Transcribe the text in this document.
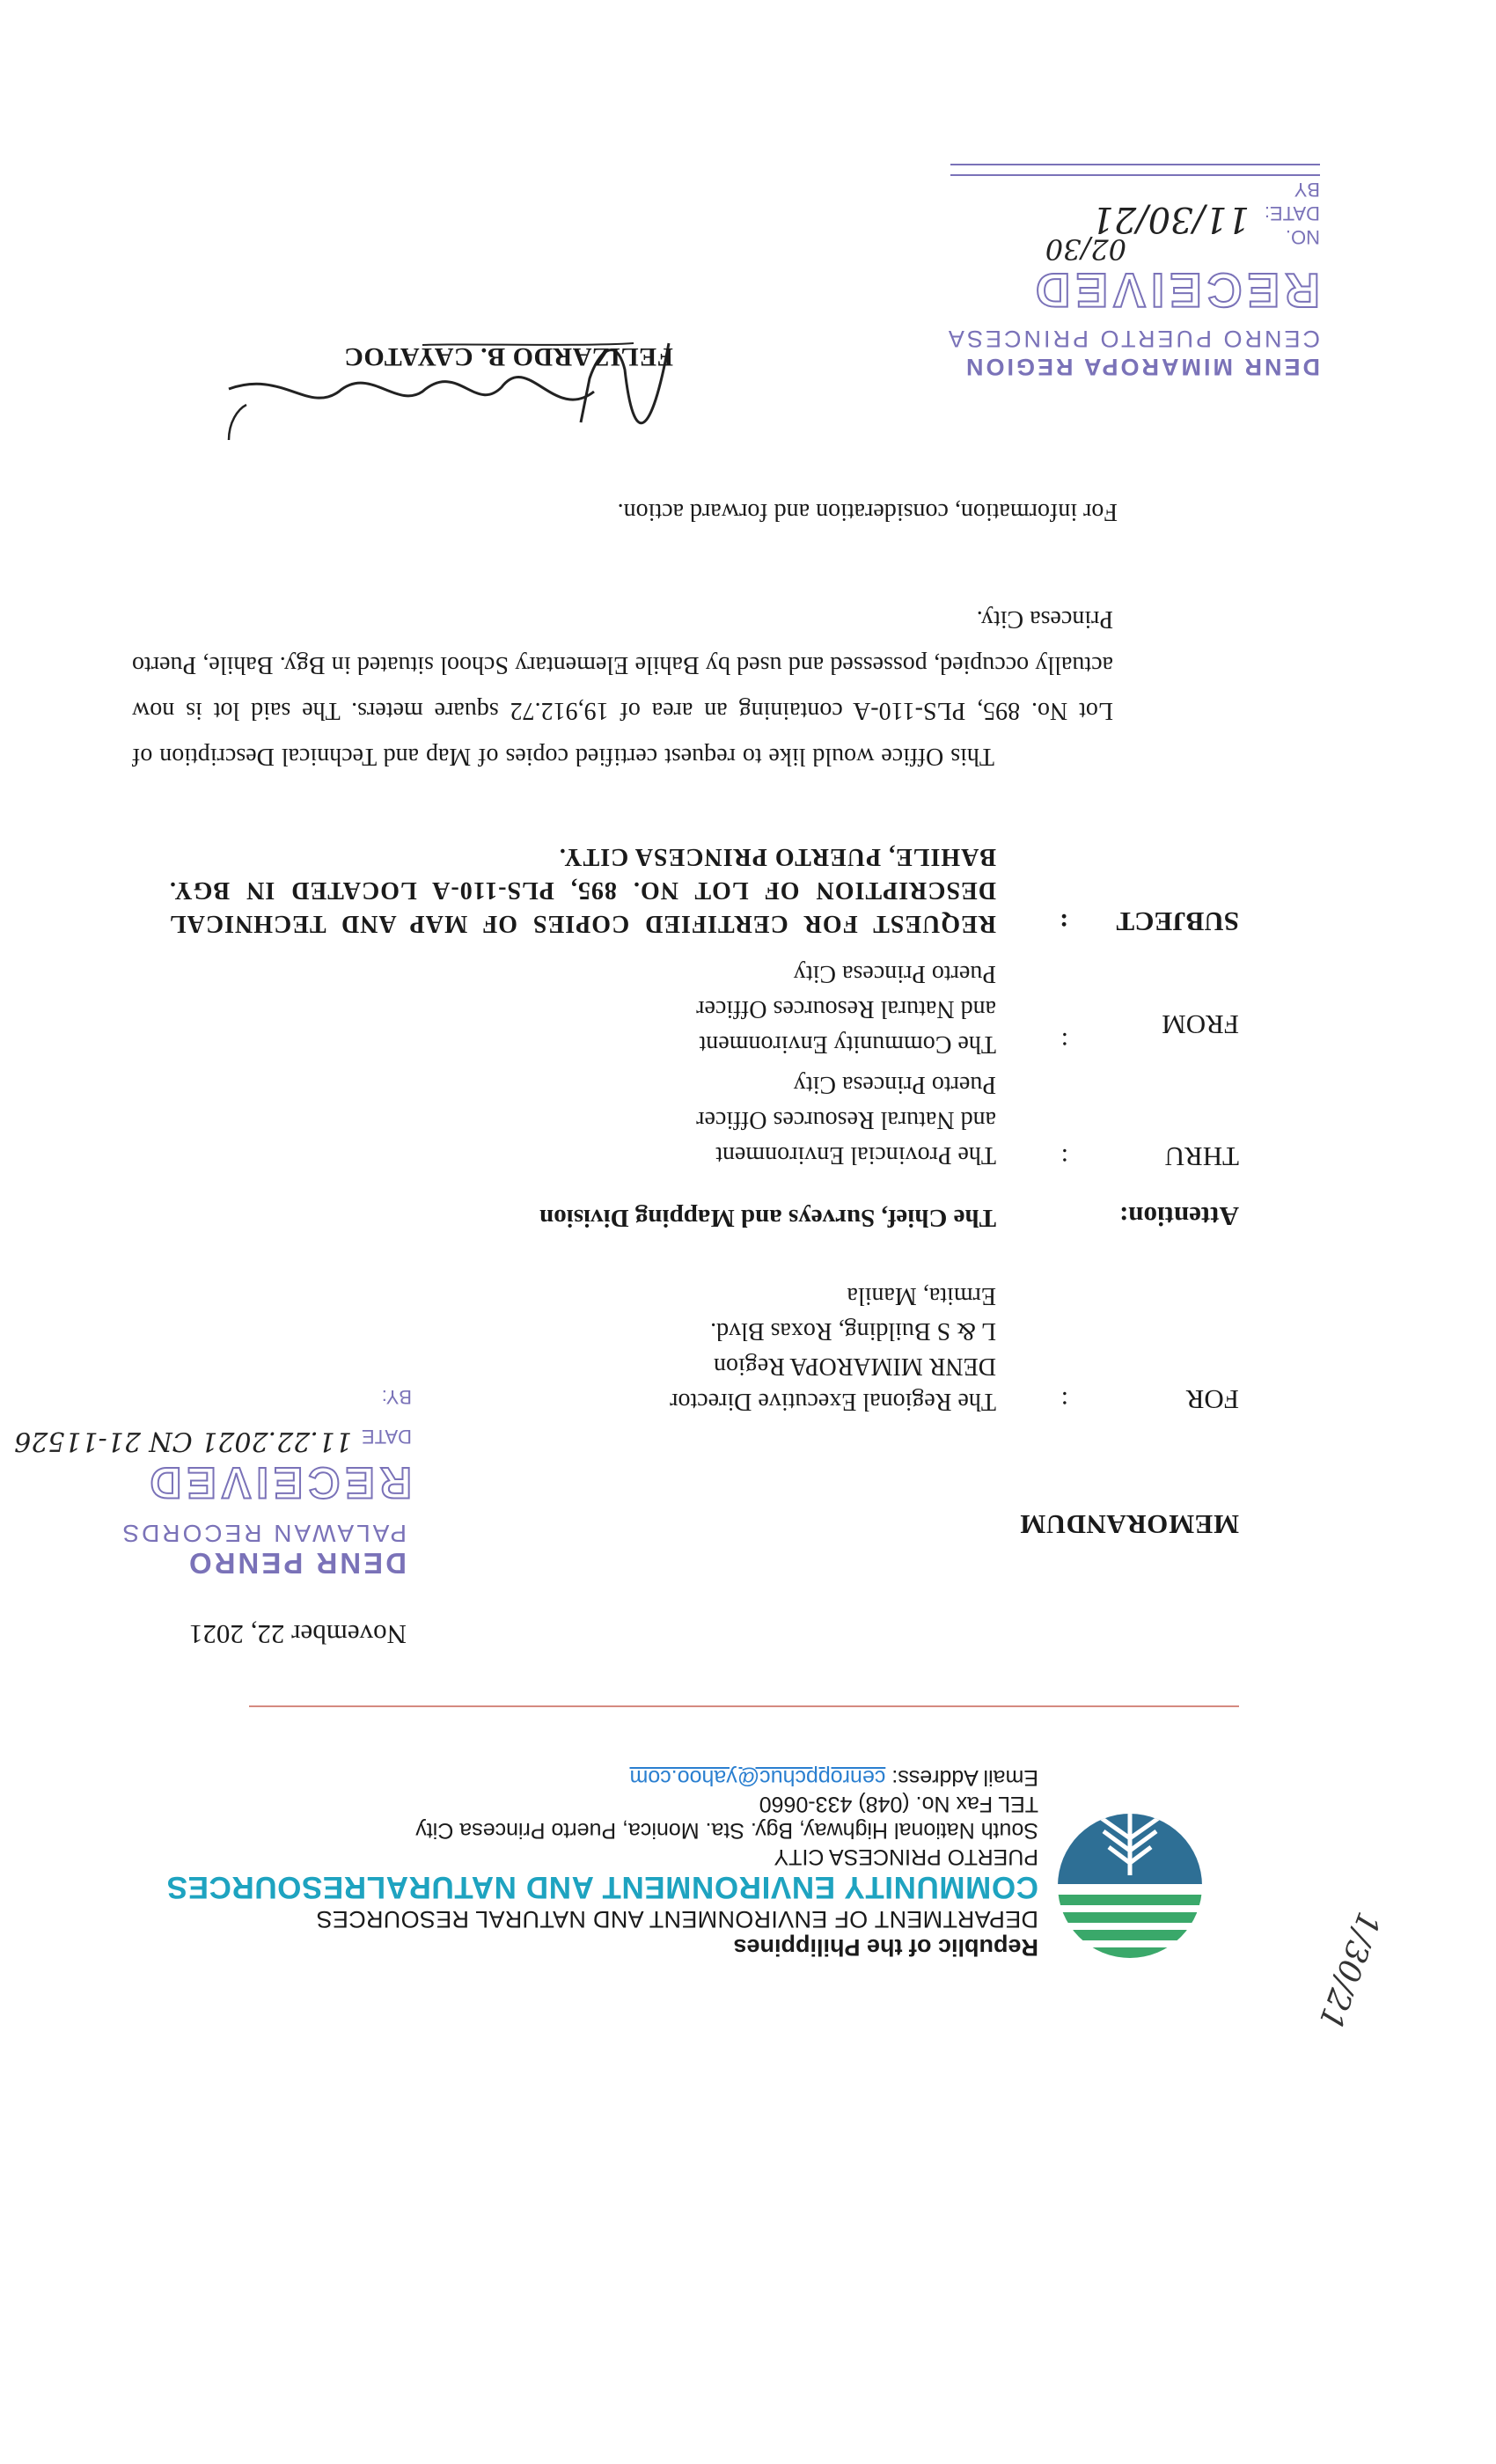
Republic of the Philippines
DEPARTMENT OF ENVIRONMENT AND NATURAL RESOURCES
COMMUNITY ENVIRONMENT AND NATURALRESOURCES
PUERTO PRINCESA CITY
South National Highway, Bgy. Sta. Monica, Puerto Princesa City
TEL Fax No. (048) 433-0660
Email Address: cenroppchuc@yahoo.com
November 22, 2021
MEMORANDUM
FOR
:
The Regional Executive Director
DENR MIMAROPA Region
L & S Building, Roxas Blvd.
Ermita, Manila
Attention:
The Chief, Surveys and Mapping Division
THRU
:
The Provincial Environment
and Natural Resources Officer
Puerto Princesa City
FROM
:
The Community Environment
and Natural Resources Officer
Puerto Princesa City
SUBJECT
:
REQUEST FOR CERTIFIED COPIES OF MAP AND TECHNICAL DESCRIPTION OF LOT NO. 895, PLS-110-A LOCATED IN BGY. BAHILE, PUERTO PRINCESA CITY.
This Office would like to request certified copies of Map and Technical Description of Lot No. 895, PLS-110-A containing an area of 19,912.72 square meters. The said lot is now actually occupied, possessed and used by Bahile Elementary School situated in Bgy. Bahile, Puerto Princesa City.
For information, consideration and forward action.
FELIZARDO B. CAYATOC
DENR PENRO
PALAWAN RECORDS
RECEIVED
DATE
BY:
11.22.2021 CN 21-11526
DENR MIMAROPA REGION
CENRO PUERTO PRINCESA
RECEIVED
NO.
DATE:
BY
11/30/21
02/30
1/30/21
